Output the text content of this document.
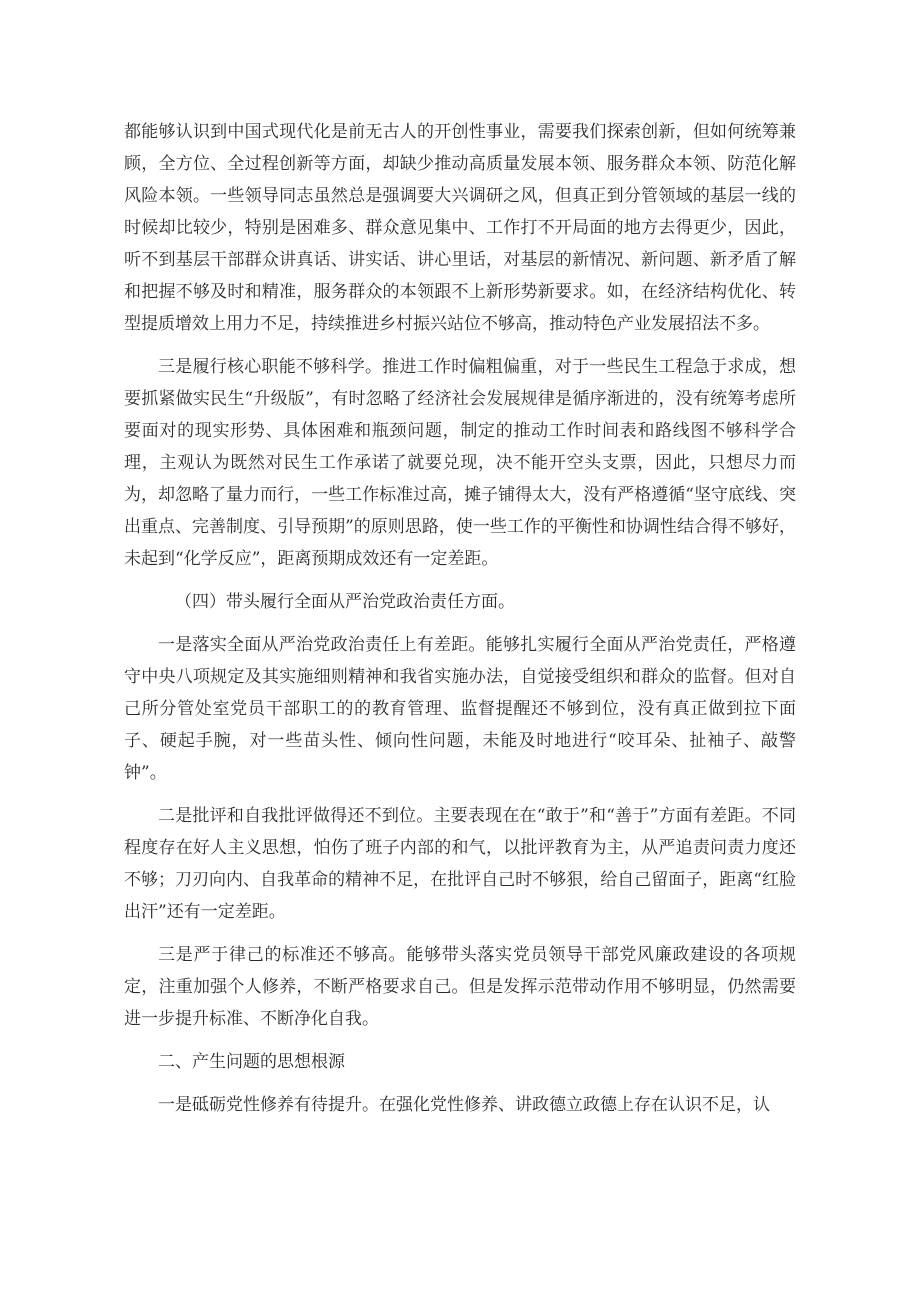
都能够认识到中国式现代化是前无古人的开创性事业，需要我们探索创新，但如何统筹兼顾，全方位、全过程创新等方面，却缺少推动高质量发展本领、服务群众本领、防范化解风险本领。一些领导同志虽然总是强调要大兴调研之风，但真正到分管领域的基层一线的时候却比较少，特别是困难多、群众意见集中、工作打不开局面的地方去得更少，因此，听不到基层干部群众讲真话、讲实话、讲心里话，对基层的新情况、新问题、新矛盾了解和把握不够及时和精准，服务群众的本领跟不上新形势新要求。如，在经济结构优化、转型提质增效上用力不足，持续推进乡村振兴站位不够高，推动特色产业发展招法不多。

三是履行核心职能不够科学。推进工作时偏粗偏重，对于一些民生工程急于求成，想要抓紧做实民生“升级版”，有时忽略了经济社会发展规律是循序渐进的，没有统筹考虑所要面对的现实形势、具体困难和瓶颈问题，制定的推动工作时间表和路线图不够科学合理，主观认为既然对民生工作承诺了就要兑现，决不能开空头支票，因此，只想尽力而为，却忽略了量力而行，一些工作标准过高，摊子铺得太大，没有严格遵循“坚守底线、突出重点、完善制度、引导预期”的原则思路，使一些工作的平衡性和协调性结合得不够好，未起到“化学反应”，距离预期成效还有一定差距。

（四）带头履行全面从严治党政治责任方面。

一是落实全面从严治党政治责任上有差距。能够扎实履行全面从严治党责任，严格遵守中央八项规定及其实施细则精神和我省实施办法，自觉接受组织和群众的监督。但对自己所分管处室党员干部职工的的教育管理、监督提醒还不够到位，没有真正做到拉下面子、硬起手腕，对一些苗头性、倾向性问题，未能及时地进行“咬耳朵、扯袖子、敲警钟”。

二是批评和自我批评做得还不到位。主要表现在在“敢于”和“善于”方面有差距。不同程度存在好人主义思想，怕伤了班子内部的和气，以批评教育为主，从严追责问责力度还不够；刀刃向内、自我革命的精神不足，在批评自己时不够狠，给自己留面子，距离“红脸出汗”还有一定差距。

三是严于律己的标准还不够高。能够带头落实党员领导干部党风廉政建设的各项规定，注重加强个人修养，不断严格要求自己。但是发挥示范带动作用不够明显，仍然需要进一步提升标准、不断净化自我。

二、产生问题的思想根源

一是砥砺党性修养有待提升。在强化党性修养、讲政德立政德上存在认识不足，认
